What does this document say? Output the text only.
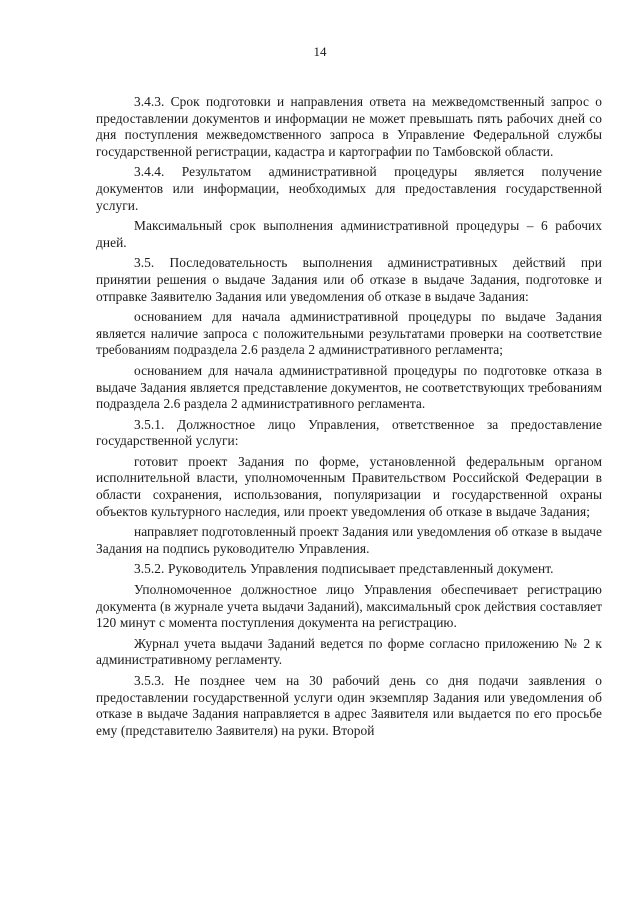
14

3.4.3. Срок подготовки и направления ответа на межведомственный запрос о предоставлении документов и информации не может превышать пять рабочих дней со дня поступления межведомственного запроса в Управление Федеральной службы государственной регистрации, кадастра и картографии по Тамбовской области.

3.4.4. Результатом административной процедуры является получение документов или информации, необходимых для предоставления государственной услуги.

Максимальный срок выполнения административной процедуры – 6 рабочих дней.

3.5. Последовательность выполнения административных действий при принятии решения о выдаче Задания или об отказе в выдаче Задания, подготовке и отправке Заявителю Задания или уведомления об отказе в выдаче Задания:

основанием для начала административной процедуры по выдаче Задания является наличие запроса с положительными результатами проверки на соответствие требованиям подраздела 2.6 раздела 2 административного регламента;

основанием для начала административной процедуры по подготовке отказа в выдаче Задания является представление документов, не соответствующих требованиям подраздела 2.6 раздела 2 административного регламента.

3.5.1. Должностное лицо Управления, ответственное за предоставление государственной услуги:

готовит проект Задания по форме, установленной федеральным органом исполнительной власти, уполномоченным Правительством Российской Федерации в области сохранения, использования, популяризации и государственной охраны объектов культурного наследия, или проект уведомления об отказе в выдаче Задания;

направляет подготовленный проект Задания или уведомления об отказе в выдаче Задания на подпись руководителю Управления.

3.5.2. Руководитель Управления подписывает представленный документ.

Уполномоченное должностное лицо Управления обеспечивает регистрацию документа (в журнале учета выдачи Заданий), максимальный срок действия составляет 120 минут с момента поступления документа на регистрацию.

Журнал учета выдачи Заданий ведется по форме согласно приложению № 2 к административному регламенту.

3.5.3. Не позднее чем на 30 рабочий день со дня подачи заявления о предоставлении государственной услуги один экземпляр Задания или уведомления об отказе в выдаче Задания направляется в адрес Заявителя или выдается по его просьбе ему (представителю Заявителя) на руки. Второй
